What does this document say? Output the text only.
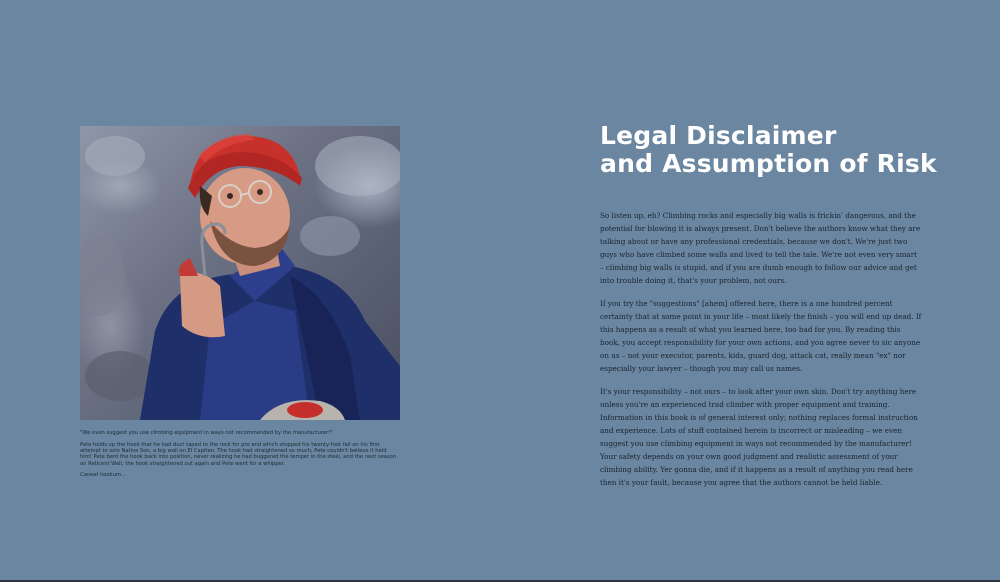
"We even suggest you use climbing equipment in ways not recommended by the manufacturer!"
Pete holds up the hook that he had duct taped to the rock for pro and which stopped his twenty-foot fall on his first attempt to solo Native Son, a big wall on El Capitan. The hook had straightened so much, Pete couldn't believe it held him! Pete bent the hook back into position, never realizing he had buggered the temper in the steel, and the next season on Reticent Wall, the hook straightened out again and Pete went for a whipper.
Caveat hookum...
Legal Disclaimer
and Assumption of Risk

So listen up, eh? Climbing rocks and especially big walls is frickin' dangerous, and the potential for blowing it is always present. Don't believe the authors know what they are talking about or have any professional credentials, because we don't. We're just two guys who have climbed some walls and lived to tell the tale. We're not even very smart – climbing big walls is stupid, and if you are dumb enough to follow our advice and get into trouble doing it, that's your problem, not ours.

If you try the "suggestions" [ahem] offered here, there is a one hundred percent certainty that at some point in your life – most likely the finish – you will end up dead. If this happens as a result of what you learned here, too bad for you. By reading this book, you accept responsibility for your own actions, and you agree never to sic anyone on us – not your executor, parents, kids, guard dog, attack cat, really mean "ex" nor especially your lawyer – though you may call us names.

It's your responsibility – not ours – to look after your own skin. Don't try anything here unless you're an experienced trad climber with proper equipment and training. Information in this book is of general interest only; nothing replaces formal instruction and experience. Lots of stuff contained herein is incorrect or misleading – we even suggest you use climbing equipment in ways not recommended by the manufacturer! Your safety depends on your own good judgment and realistic assessment of your climbing ability. Yer gonna die, and if it happens as a result of anything you read here then it's your fault, because you agree that the authors cannot be held liable.
